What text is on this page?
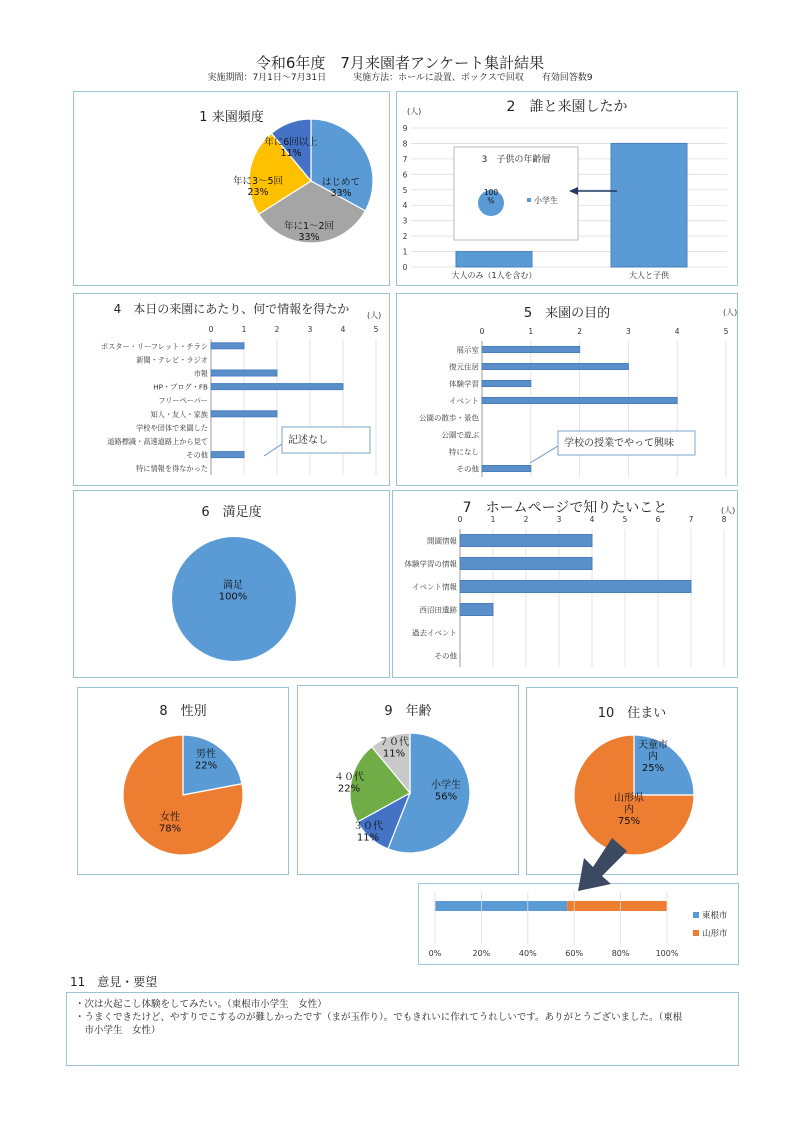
令和6年度　7月来園者アンケート集計結果
実施期間：7月1日～7月31日　　　実施方法：ホールに設置、ボックスで回収　　有効回答数9
1 来園頻度
はじめて 33%
年に1～2回 33%
年に3～5回 23%
年に6回以上 11%
2　誰と来園したか
(人)
0
1
2
3
4
5
6
7
8
9
大人のみ（1人を含む）	大人と子供
3　子供の年齢層
100 %	小学生
4　本日の来園にあたり、何で情報を得たか	(人)
0	1	2	3	4	5
ポスター・リーフレット・チラシ
新聞・テレビ・ラジオ
市報
HP・ブログ・FB
フリーペーパー
知人・友人・家族
学校や団体で来園した
道路標識・高速道路上から見て
その他
特に情報を得なかった
記述なし
5　来園の目的	(人)
0	1	2	3	4	5
展示室
復元住居
体験学習
イベント
公園の散歩・景色
公園で遊ぶ
特になし
その他
学校の授業でやって興味
6　満足度
満足 100%
7　ホームページで知りたいこと	(人)
0	1	2	3	4	5	6	7	8
開園情報
体験学習の情報
イベント情報
西沼田遺跡
過去イベント
その他
8　性別
男性 22%
女性 78%
9　年齢
小学生 56%
３０代 11%
４０代 22%
７０代 11%
10　住まい
天童市内 25%
山形県内 75%
0%	20%	40%	60%	80%	100%
東根市
山形市
11　意見・要望
・次は火起こし体験をしてみたい。（東根市小学生　女性）
・うまくできたけど、やすりでこするのが難しかったです（まが玉作り）。でもきれいに作れてうれしいです。ありがとうございました。（東根
　市小学生　女性）
